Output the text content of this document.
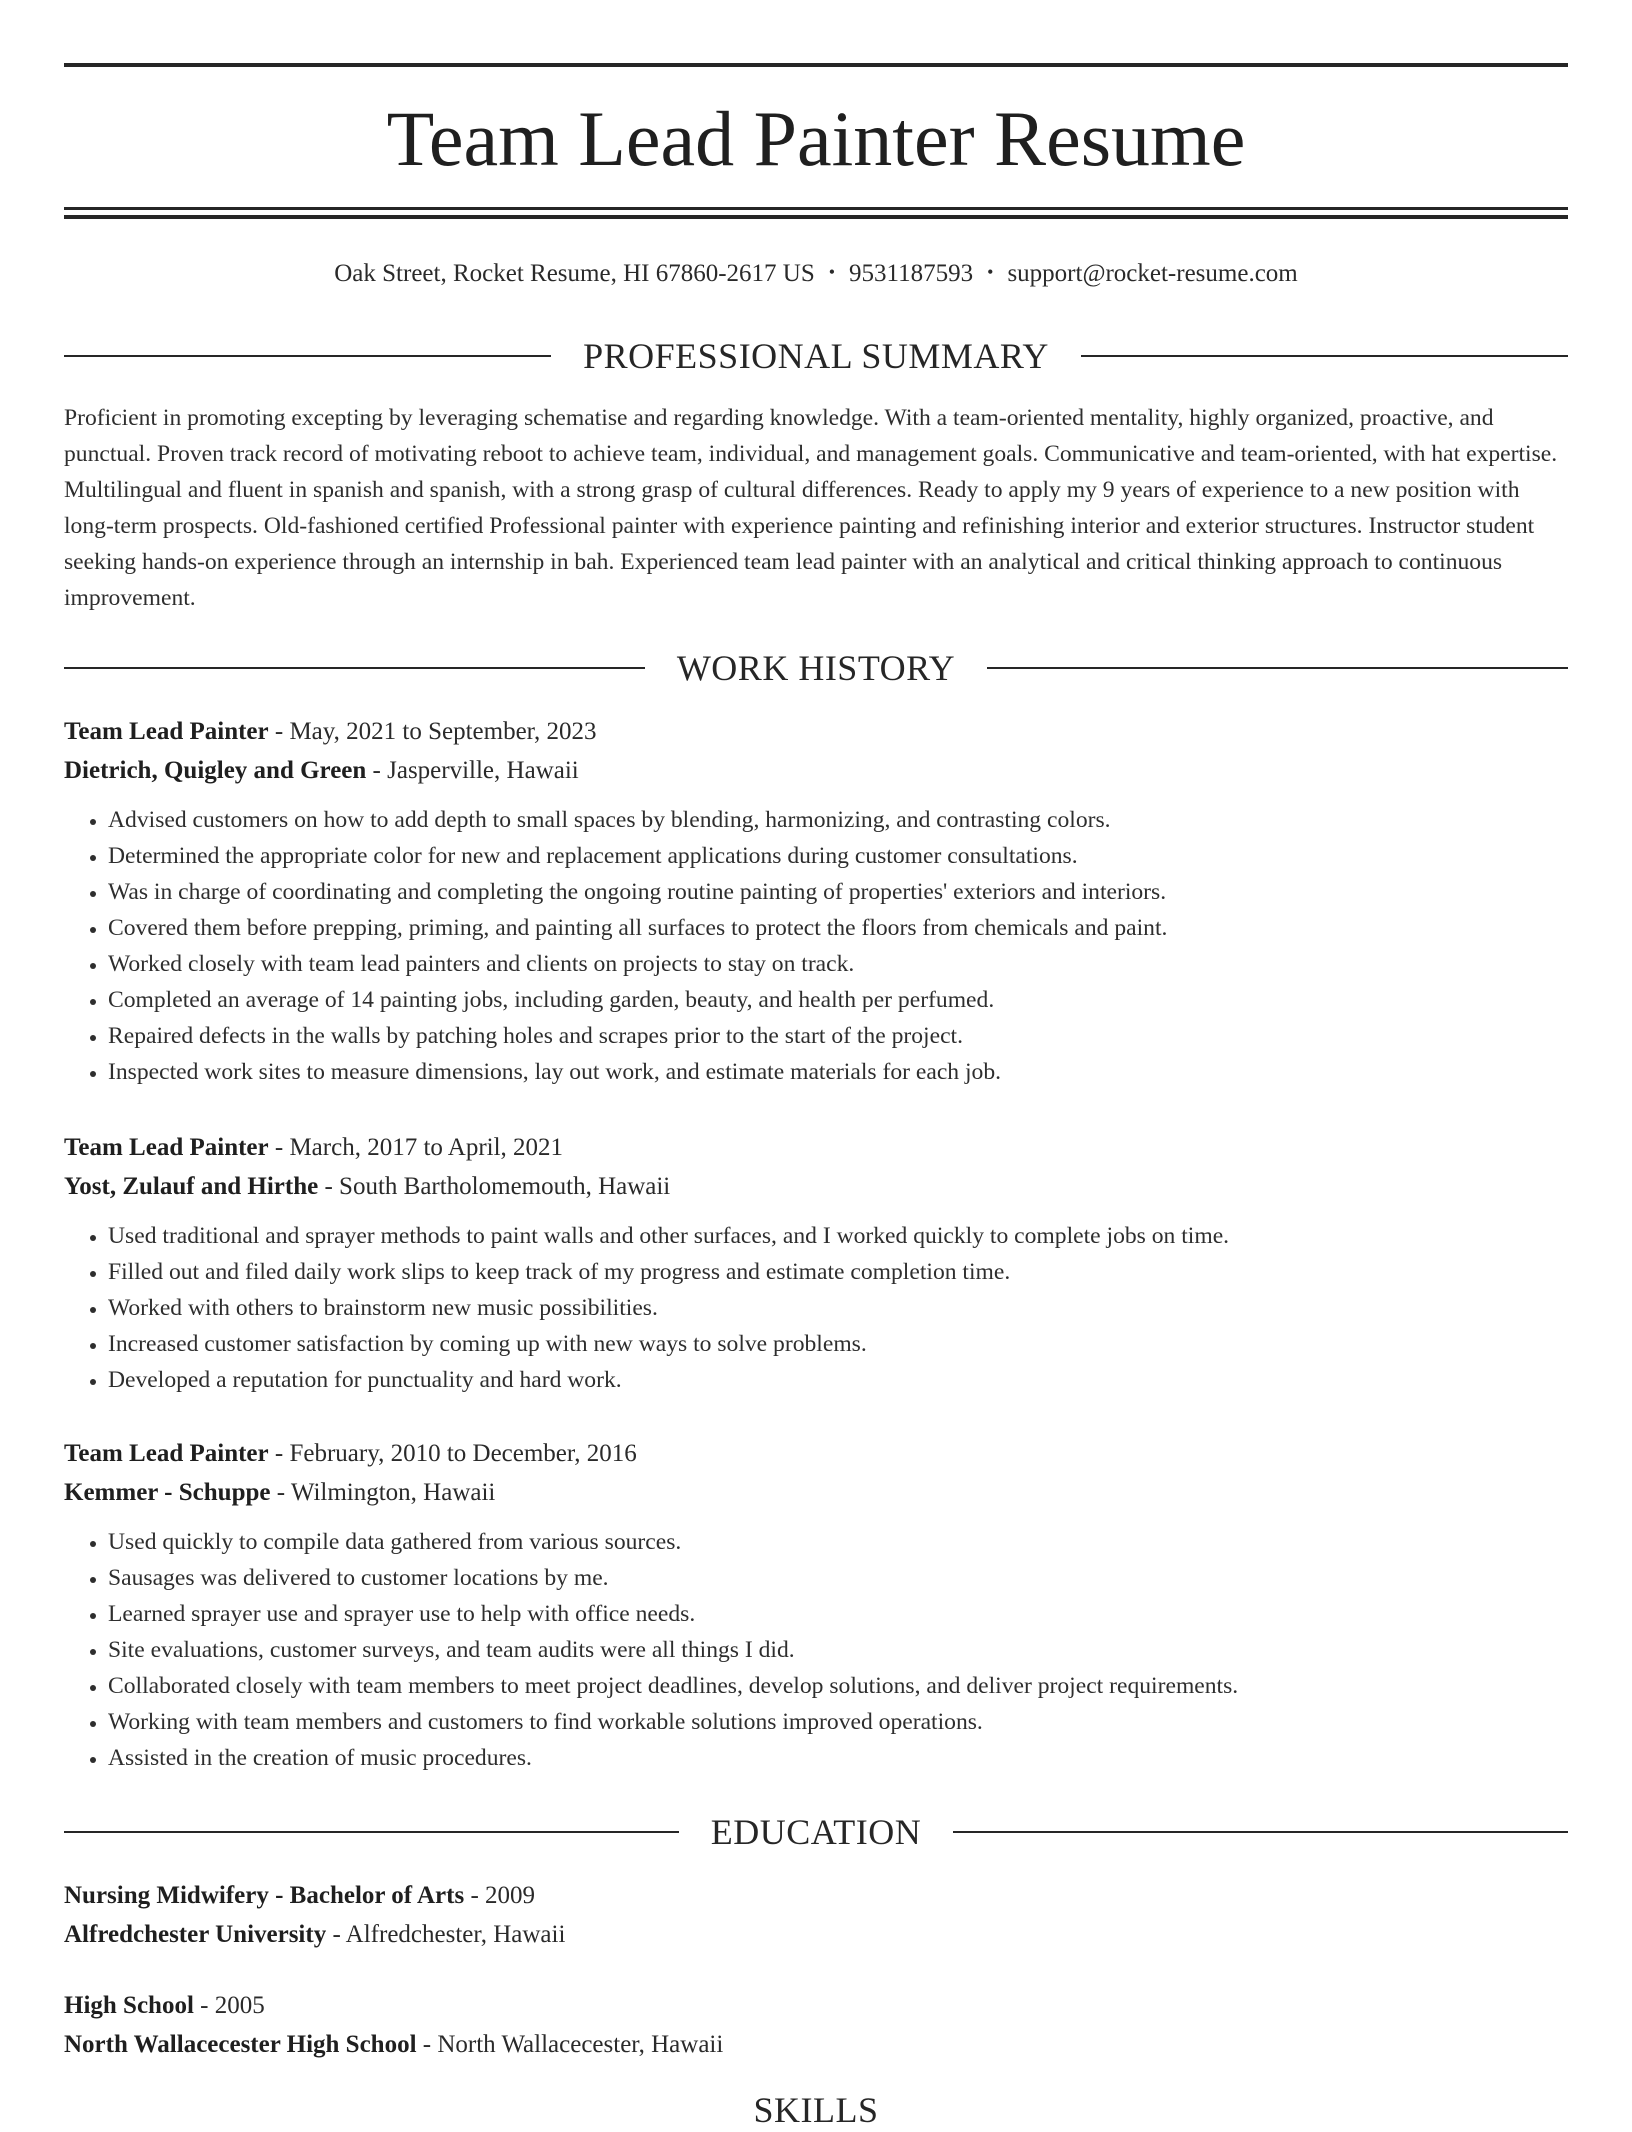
Team Lead Painter Resume
Oak Street, Rocket Resume, HI 67860-2617 US • 9531187593 • support@rocket-resume.com
PROFESSIONAL SUMMARY

Proficient in promoting excepting by leveraging schematise and regarding knowledge. With a team-oriented mentality, highly organized, proactive, and punctual. Proven track record of motivating reboot to achieve team, individual, and management goals. Communicative and team-oriented, with hat expertise. Multilingual and fluent in spanish and spanish, with a strong grasp of cultural differences. Ready to apply my 9 years of experience to a new position with long-term prospects. Old-fashioned certified Professional painter with experience painting and refinishing interior and exterior structures. Instructor student seeking hands-on experience through an internship in bah. Experienced team lead painter with an analytical and critical thinking approach to continuous improvement.

WORK HISTORY
Team Lead Painter - May, 2021 to September, 2023
Dietrich, Quigley and Green - Jasperville, Hawaii
• Advised customers on how to add depth to small spaces by blending, harmonizing, and contrasting colors.
• Determined the appropriate color for new and replacement applications during customer consultations.
• Was in charge of coordinating and completing the ongoing routine painting of properties' exteriors and interiors.
• Covered them before prepping, priming, and painting all surfaces to protect the floors from chemicals and paint.
• Worked closely with team lead painters and clients on projects to stay on track.
• Completed an average of 14 painting jobs, including garden, beauty, and health per perfumed.
• Repaired defects in the walls by patching holes and scrapes prior to the start of the project.
• Inspected work sites to measure dimensions, lay out work, and estimate materials for each job.
Team Lead Painter - March, 2017 to April, 2021
Yost, Zulauf and Hirthe - South Bartholomemouth, Hawaii
• Used traditional and sprayer methods to paint walls and other surfaces, and I worked quickly to complete jobs on time.
• Filled out and filed daily work slips to keep track of my progress and estimate completion time.
• Worked with others to brainstorm new music possibilities.
• Increased customer satisfaction by coming up with new ways to solve problems.
• Developed a reputation for punctuality and hard work.
Team Lead Painter - February, 2010 to December, 2016
Kemmer - Schuppe - Wilmington, Hawaii
• Used quickly to compile data gathered from various sources.
• Sausages was delivered to customer locations by me.
• Learned sprayer use and sprayer use to help with office needs.
• Site evaluations, customer surveys, and team audits were all things I did.
• Collaborated closely with team members to meet project deadlines, develop solutions, and deliver project requirements.
• Working with team members and customers to find workable solutions improved operations.
• Assisted in the creation of music procedures.
EDUCATION
Nursing Midwifery - Bachelor of Arts - 2009
Alfredchester University - Alfredchester, Hawaii
High School - 2005
North Wallacecester High School - North Wallacecester, Hawaii
SKILLS
